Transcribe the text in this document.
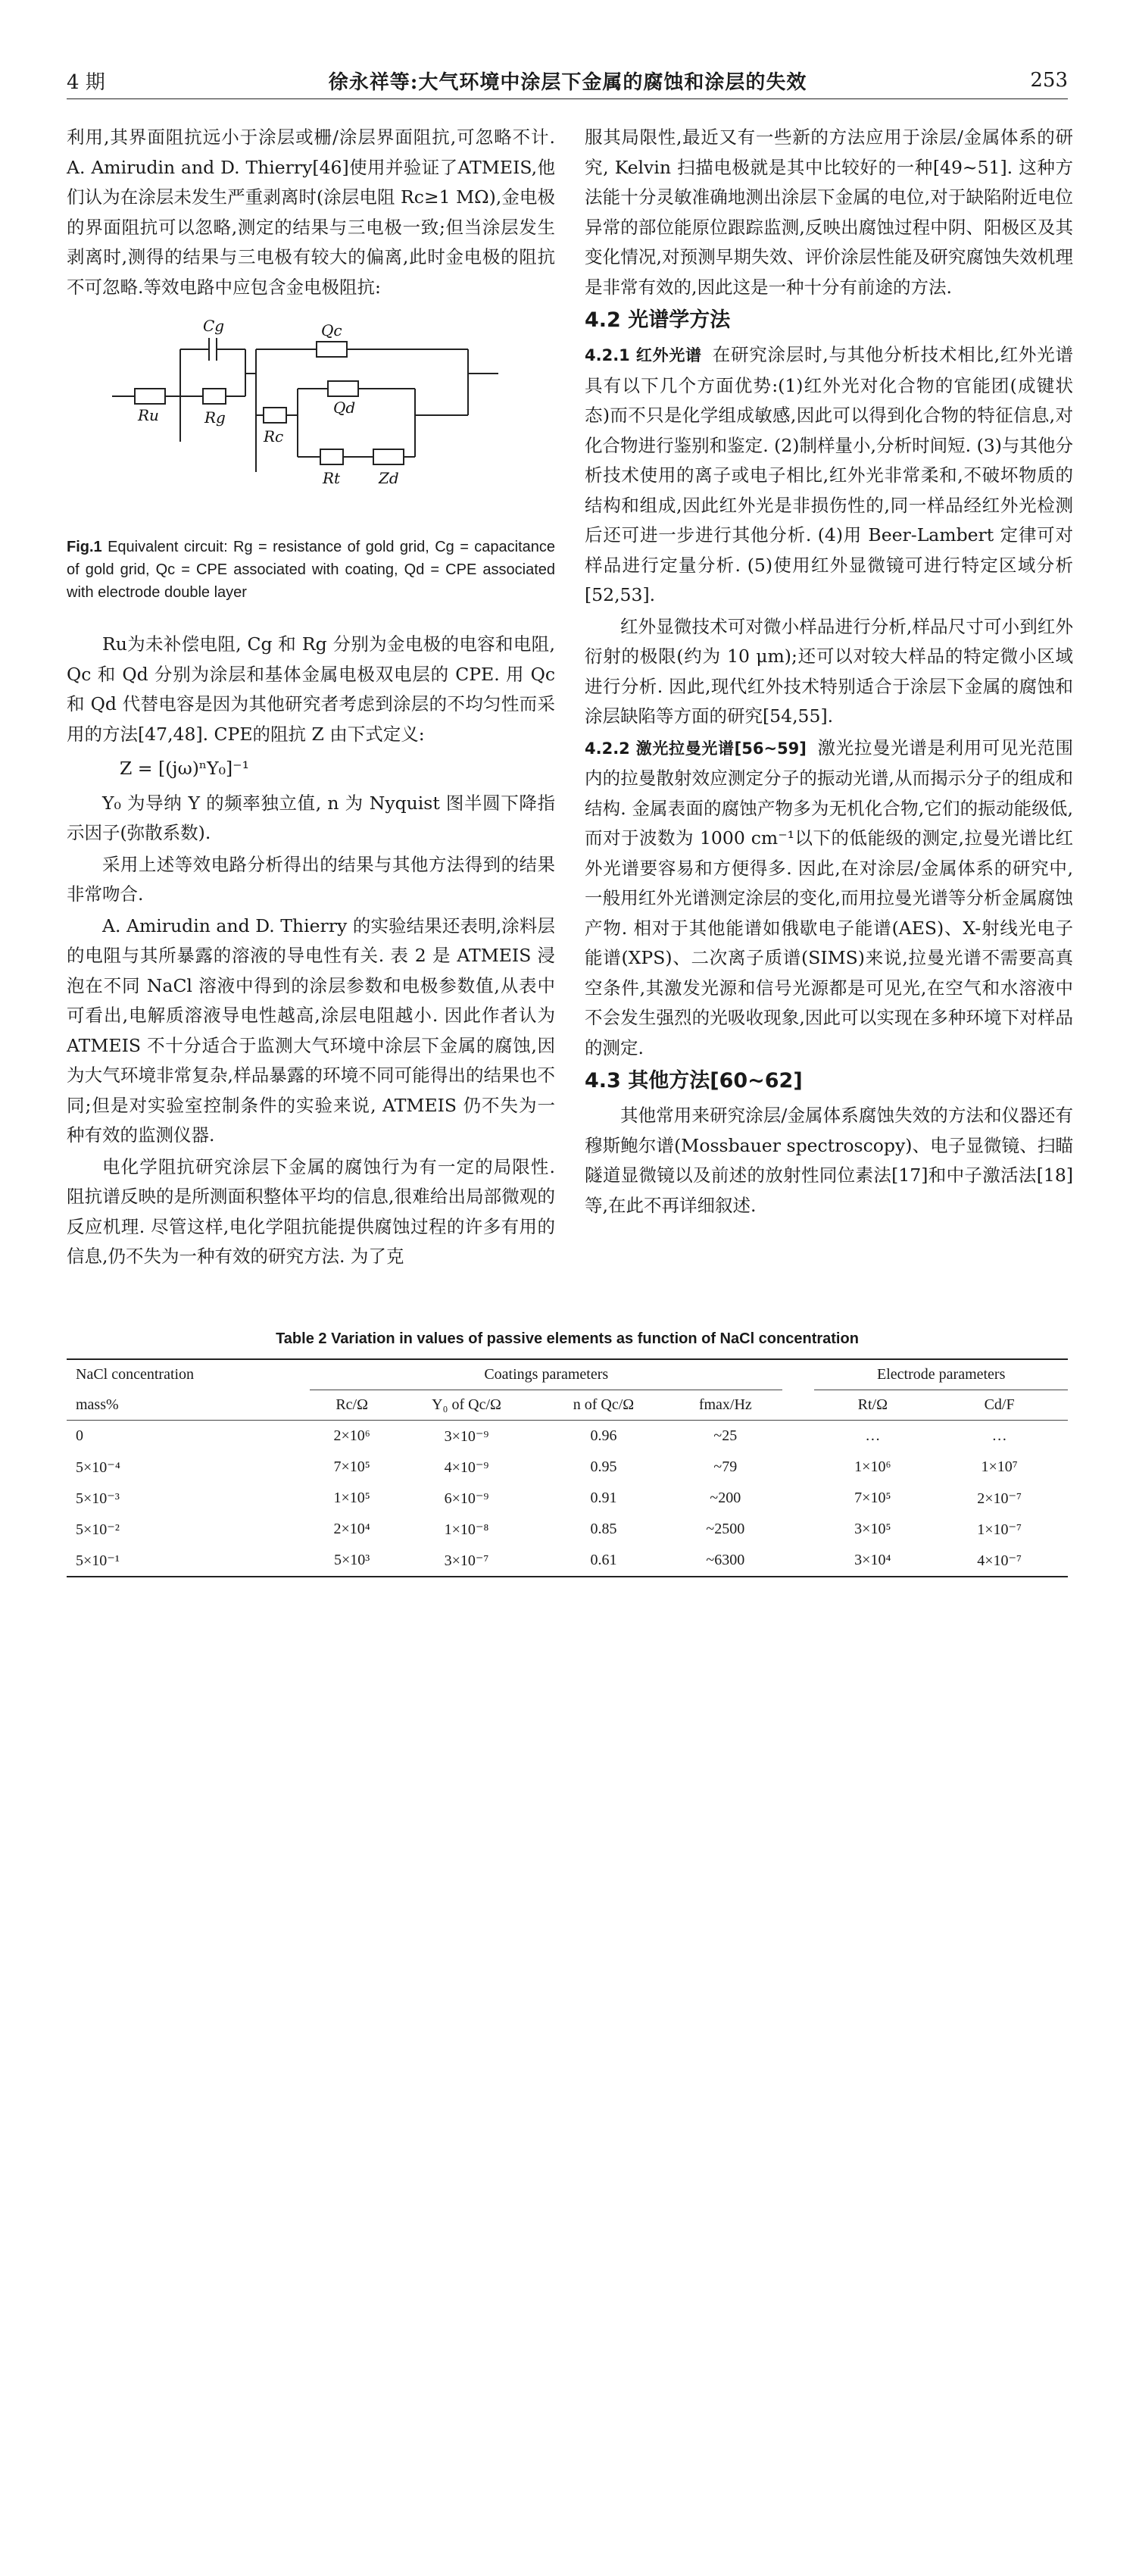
4 期	徐永祥等:大气环境中涂层下金属的腐蚀和涂层的失效	253

利用,其界面阻抗远小于涂层或栅/涂层界面阻抗,可忽略不计. A. Amirudin and D. Thierry[46]使用并验证了ATMEIS,他们认为在涂层未发生严重剥离时(涂层电阻 Rc≥1 MΩ),金电极的界面阻抗可以忽略,测定的结果与三电极一致;但当涂层发生剥离时,测得的结果与三电极有较大的偏离,此时金电极的阻抗不可忽略.等效电路中应包含金电极阻抗:

Cg	Qc
Ru	Rg
Rc
Qd
Rt	Zd
Fig.1 Equivalent circuit: Rg = resistance of gold grid, Cg = capacitance of gold grid, Qc = CPE associated with coating, Qd = CPE associated with electrode double layer

Ru为未补偿电阻, Cg 和 Rg 分别为金电极的电容和电阻, Qc 和 Qd 分别为涂层和基体金属电极双电层的 CPE. 用 Qc 和 Qd 代替电容是因为其他研究者考虑到涂层的不均匀性而采用的方法[47,48]. CPE的阻抗 Z 由下式定义:

Z = [(jω)ⁿY₀]⁻¹

Y₀ 为导纳 Y 的频率独立值, n 为 Nyquist 图半圆下降指示因子(弥散系数).

采用上述等效电路分析得出的结果与其他方法得到的结果非常吻合.

A. Amirudin and D. Thierry 的实验结果还表明,涂料层的电阻与其所暴露的溶液的导电性有关. 表 2 是 ATMEIS 浸泡在不同 NaCl 溶液中得到的涂层参数和电极参数值,从表中可看出,电解质溶液导电性越高,涂层电阻越小. 因此作者认为 ATMEIS 不十分适合于监测大气环境中涂层下金属的腐蚀,因为大气环境非常复杂,样品暴露的环境不同可能得出的结果也不同;但是对实验室控制条件的实验来说, ATMEIS 仍不失为一种有效的监测仪器.

电化学阻抗研究涂层下金属的腐蚀行为有一定的局限性. 阻抗谱反映的是所测面积整体平均的信息,很难给出局部微观的反应机理. 尽管这样,电化学阻抗能提供腐蚀过程的许多有用的信息,仍不失为一种有效的研究方法. 为了克

服其局限性,最近又有一些新的方法应用于涂层/金属体系的研究, Kelvin 扫描电极就是其中比较好的一种[49~51]. 这种方法能十分灵敏准确地测出涂层下金属的电位,对于缺陷附近电位异常的部位能原位跟踪监测,反映出腐蚀过程中阴、阳极区及其变化情况,对预测早期失效、评价涂层性能及研究腐蚀失效机理是非常有效的,因此这是一种十分有前途的方法.

4.2 光谱学方法

4.2.1 红外光谱 在研究涂层时,与其他分析技术相比,红外光谱具有以下几个方面优势:(1)红外光对化合物的官能团(成键状态)而不只是化学组成敏感,因此可以得到化合物的特征信息,对化合物进行鉴别和鉴定. (2)制样量小,分析时间短. (3)与其他分析技术使用的离子或电子相比,红外光非常柔和,不破坏物质的结构和组成,因此红外光是非损伤性的,同一样品经红外光检测后还可进一步进行其他分析. (4)用 Beer-Lambert 定律可对样品进行定量分析. (5)使用红外显微镜可进行特定区域分析[52,53].

红外显微技术可对微小样品进行分析,样品尺寸可小到红外衍射的极限(约为 10 μm);还可以对较大样品的特定微小区域进行分析. 因此,现代红外技术特别适合于涂层下金属的腐蚀和涂层缺陷等方面的研究[54,55].

4.2.2 激光拉曼光谱[56~59] 激光拉曼光谱是利用可见光范围内的拉曼散射效应测定分子的振动光谱,从而揭示分子的组成和结构. 金属表面的腐蚀产物多为无机化合物,它们的振动能级低,而对于波数为 1000 cm⁻¹以下的低能级的测定,拉曼光谱比红外光谱要容易和方便得多. 因此,在对涂层/金属体系的研究中,一般用红外光谱测定涂层的变化,而用拉曼光谱等分析金属腐蚀产物. 相对于其他能谱如俄歇电子能谱(AES)、X-射线光电子能谱(XPS)、二次离子质谱(SIMS)来说,拉曼光谱不需要高真空条件,其激发光源和信号光源都是可见光,在空气和水溶液中不会发生强烈的光吸收现象,因此可以实现在多种环境下对样品的测定.

4.3 其他方法[60~62]

其他常用来研究涂层/金属体系腐蚀失效的方法和仪器还有穆斯鲍尔谱(Mossbauer spectroscopy)、电子显微镜、扫瞄隧道显微镜以及前述的放射性同位素法[17]和中子激活法[18]等,在此不再详细叙述.

Table 2 Variation in values of passive elements as function of NaCl concentration
NaCl concentration	Coatings parameters					Electrode parameters	
mass%	Rc/Ω	Y₀ of Qc/Ω	n of Qc/Ω	fmax/Hz		Rt/Ω	Cd/F
0	2×10⁶	3×10⁻⁹	0.96	~25		…	…
5×10⁻⁴	7×10⁵	4×10⁻⁹	0.95	~79		1×10⁶	1×10⁷
5×10⁻³	1×10⁵	6×10⁻⁹	0.91	~200		7×10⁵	2×10⁻⁷
5×10⁻²	2×10⁴	1×10⁻⁸	0.85	~2500		3×10⁵	1×10⁻⁷
5×10⁻¹	5×10³	3×10⁻⁷	0.61	~6300		3×10⁴	4×10⁻⁷
